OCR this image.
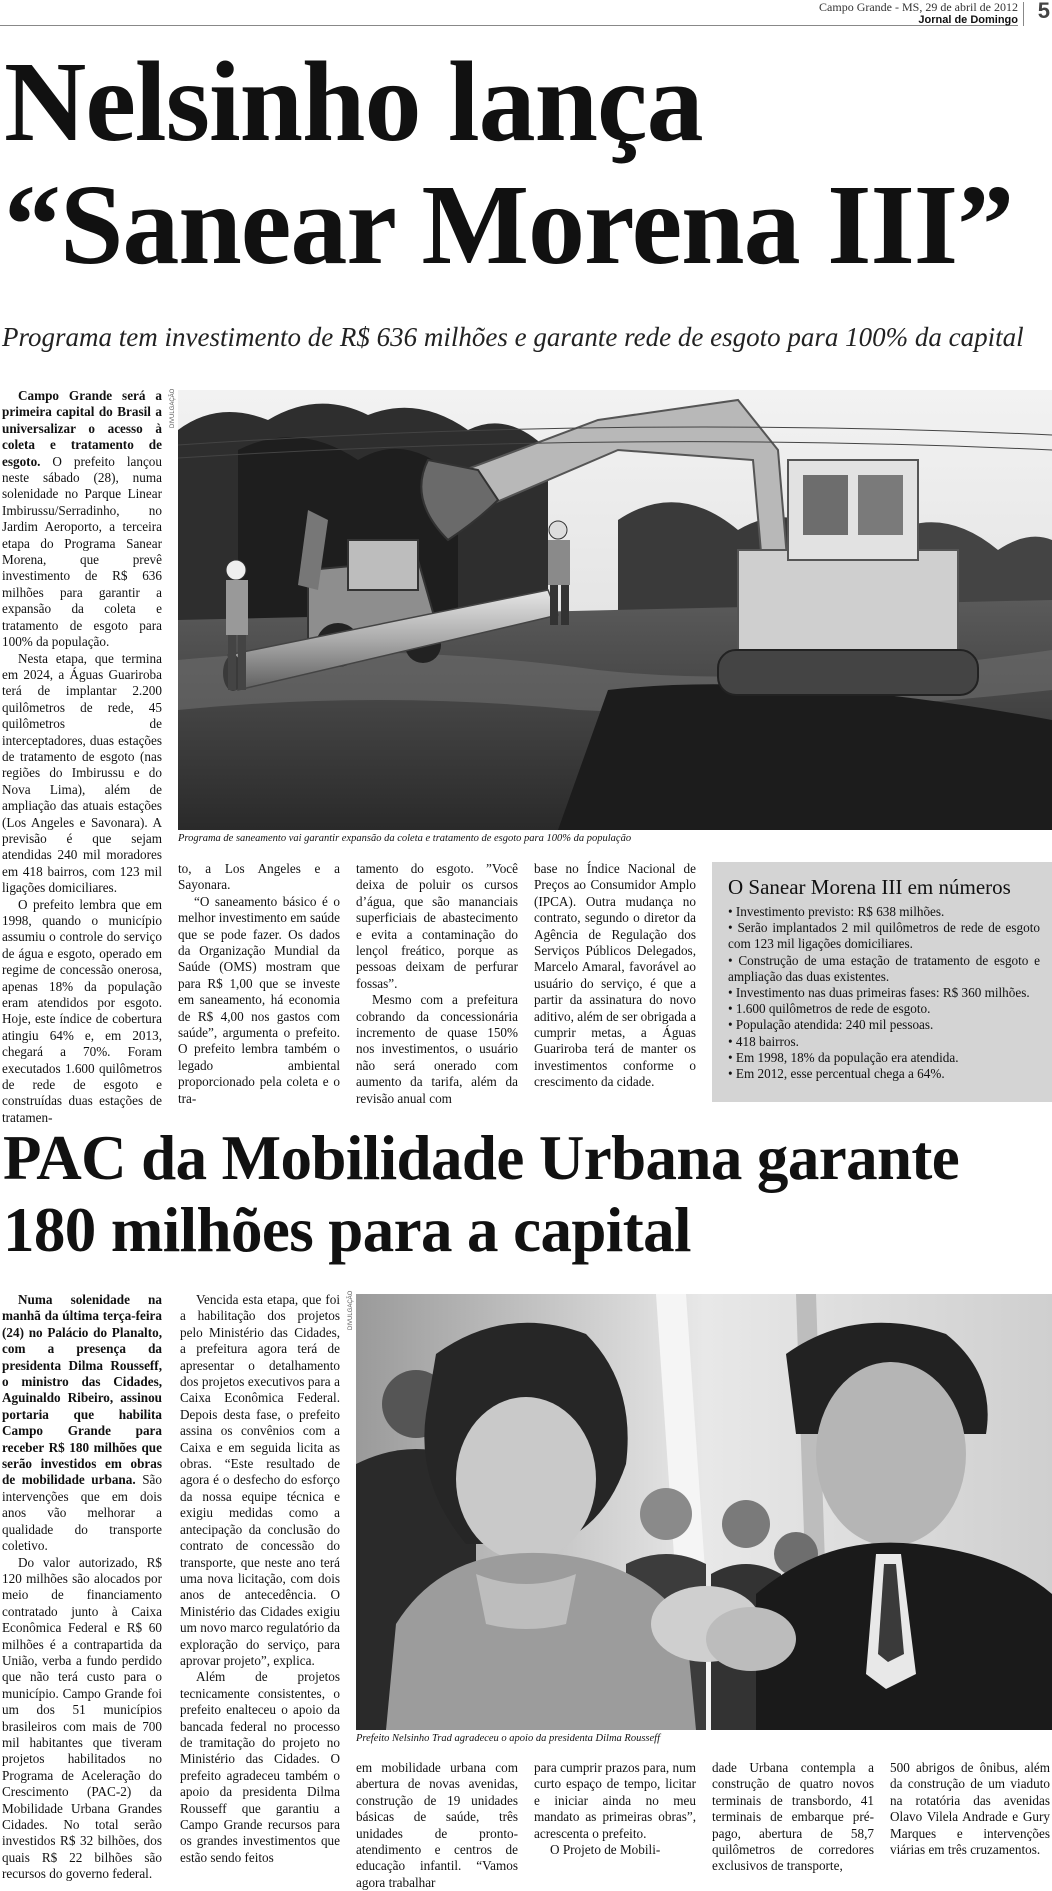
Campo Grande - MS, 29 de abril de 2012
Jornal de Domingo 5
Nelsinho lança
“Sanear Morena III”
Programa tem investimento de R$ 636 milhões e garante rede de esgoto para 100% da capital

Campo Grande será a primeira capital do Brasil a universalizar o acesso à coleta e tratamento de esgoto. O prefeito lançou neste sábado (28), numa solenidade no Parque Linear Imbirussu/Serradinho, no Jardim Aeroporto, a terceira etapa do Programa Sanear Morena, que prevê investimento de R$ 636 milhões para garantir a expansão da coleta e tratamento de esgoto para 100% da população.

Nesta etapa, que termina em 2024, a Águas Guariroba terá de implantar 2.200 quilômetros de rede, 45 quilômetros de interceptadores, duas estações de tratamento de esgoto (nas regiões do Imbirussu e do Nova Lima), além de ampliação das atuais estações (Los Angeles e Savonara). A previsão é que sejam atendidas 240 mil moradores em 418 bairros, com 123 mil ligações domiciliares.

O prefeito lembra que em 1998, quando o município assumiu o controle do serviço de água e esgoto, operado em regime de concessão onerosa, apenas 18% da população eram atendidos por esgoto. Hoje, este índice de cobertura atingiu 64% e, em 2013, chegará a 70%. Foram executados 1.600 quilômetros de rede de esgoto e construídas duas estações de tratamen-

DIVULGAÇÃO
Programa de saneamento vai garantir expansão da coleta e tratamento de esgoto para 100% da população

to, a Los Angeles e a Sayonara.

“O saneamento básico é o melhor investimento em saúde que se pode fazer. Os dados da Organização Mundial da Saúde (OMS) mostram que para R$ 1,00 que se investe em saneamento, há economia de R$ 4,00 nos gastos com saúde”, argumenta o prefeito. O prefeito lembra também o legado ambiental proporcionado pela coleta e o tra-

tamento do esgoto. ”Você deixa de poluir os cursos d’água, que são mananciais superficiais de abastecimento e evita a contaminação do lençol freático, porque as pessoas deixam de perfurar fossas”.

Mesmo com a prefeitura cobrando da concessionária incremento de quase 150% nos investimentos, o usuário não será onerado com aumento da tarifa, além da revisão anual com

base no Índice Nacional de Preços ao Consumidor Amplo (IPCA). Outra mudança no contrato, segundo o diretor da Agência de Regulação dos Serviços Públicos Delegados, Marcelo Amaral, favorável ao usuário do serviço, é que a partir da assinatura do novo aditivo, além de ser obrigada a cumprir metas, a Águas Guariroba terá de manter os investimentos conforme o crescimento da cidade.

O Sanear Morena III em números
• Investimento previsto: R$ 638 milhões.
• Serão implantados 2 mil quilômetros de rede de esgoto com 123 mil ligações domiciliares.
• Construção de uma estação de tratamento de esgoto e ampliação das duas existentes.
• Investimento nas duas primeiras fases: R$ 360 milhões.
• 1.600 quilômetros de rede de esgoto.
• População atendida: 240 mil pessoas.
• 418 bairros.
• Em 1998, 18% da população era atendida.
• Em 2012, esse percentual chega a 64%.
PAC da Mobilidade Urbana garante
180 milhões para a capital

Numa solenidade na manhã da última terça-feira (24) no Palácio do Planalto, com a presença da presidenta Dilma Rousseff, o ministro das Cidades, Aguinaldo Ribeiro, assinou portaria que habilita Campo Grande para receber R$ 180 milhões que serão investidos em obras de mobilidade urbana. São intervenções que em dois anos vão melhorar a qualidade do transporte coletivo.

Do valor autorizado, R$ 120 milhões são alocados por meio de financiamento contratado junto à Caixa Econômica Federal e R$ 60 milhões é a contrapartida da União, verba a fundo perdido que não terá custo para o município. Campo Grande foi um dos 51 municípios brasileiros com mais de 700 mil habitantes que tiveram projetos habilitados no Programa de Aceleração do Crescimento (PAC-2) da Mobilidade Urbana Grandes Cidades. No total serão investidos R$ 32 bilhões, dos quais R$ 22 bilhões são recursos do governo federal.

Vencida esta etapa, que foi a habilitação dos projetos pelo Ministério das Cidades, a prefeitura agora terá de apresentar o detalhamento dos projetos executivos para a Caixa Econômica Federal. Depois desta fase, o prefeito assina os convênios com a Caixa e em seguida licita as obras. “Este resultado de agora é o desfecho do esforço da nossa equipe técnica e exigiu medidas como a antecipação da conclusão do contrato de concessão do transporte, que neste ano terá uma nova licitação, com dois anos de antecedência. O Ministério das Cidades exigiu um novo marco regulatório da exploração do serviço, para aprovar projeto”, explica.

Além de projetos tecnicamente consistentes, o prefeito enalteceu o apoio da bancada federal no processo de tramitação do projeto no Ministério das Cidades. O prefeito agradeceu também o apoio da presidenta Dilma Rousseff que garantiu a Campo Grande recursos para os grandes investimentos que estão sendo feitos

DIVULGAÇÃO
Prefeito Nelsinho Trad agradeceu o apoio da presidenta Dilma Rousseff

em mobilidade urbana com abertura de novas avenidas, construção de 19 unidades básicas de saúde, três unidades de pronto-atendimento e centros de educação infantil. “Vamos agora trabalhar

para cumprir prazos para, num curto espaço de tempo, licitar e iniciar ainda no meu mandato as primeiras obras”, acrescenta o prefeito.

O Projeto de Mobili-

dade Urbana contempla a construção de quatro novos terminais de transbordo, 41 terminais de embarque pré-pago, abertura de 58,7 quilômetros de corredores exclusivos de transporte,

500 abrigos de ônibus, além da construção de um viaduto na rotatória das avenidas Olavo Vilela Andrade e Gury Marques e intervenções viárias em três cruzamentos.
